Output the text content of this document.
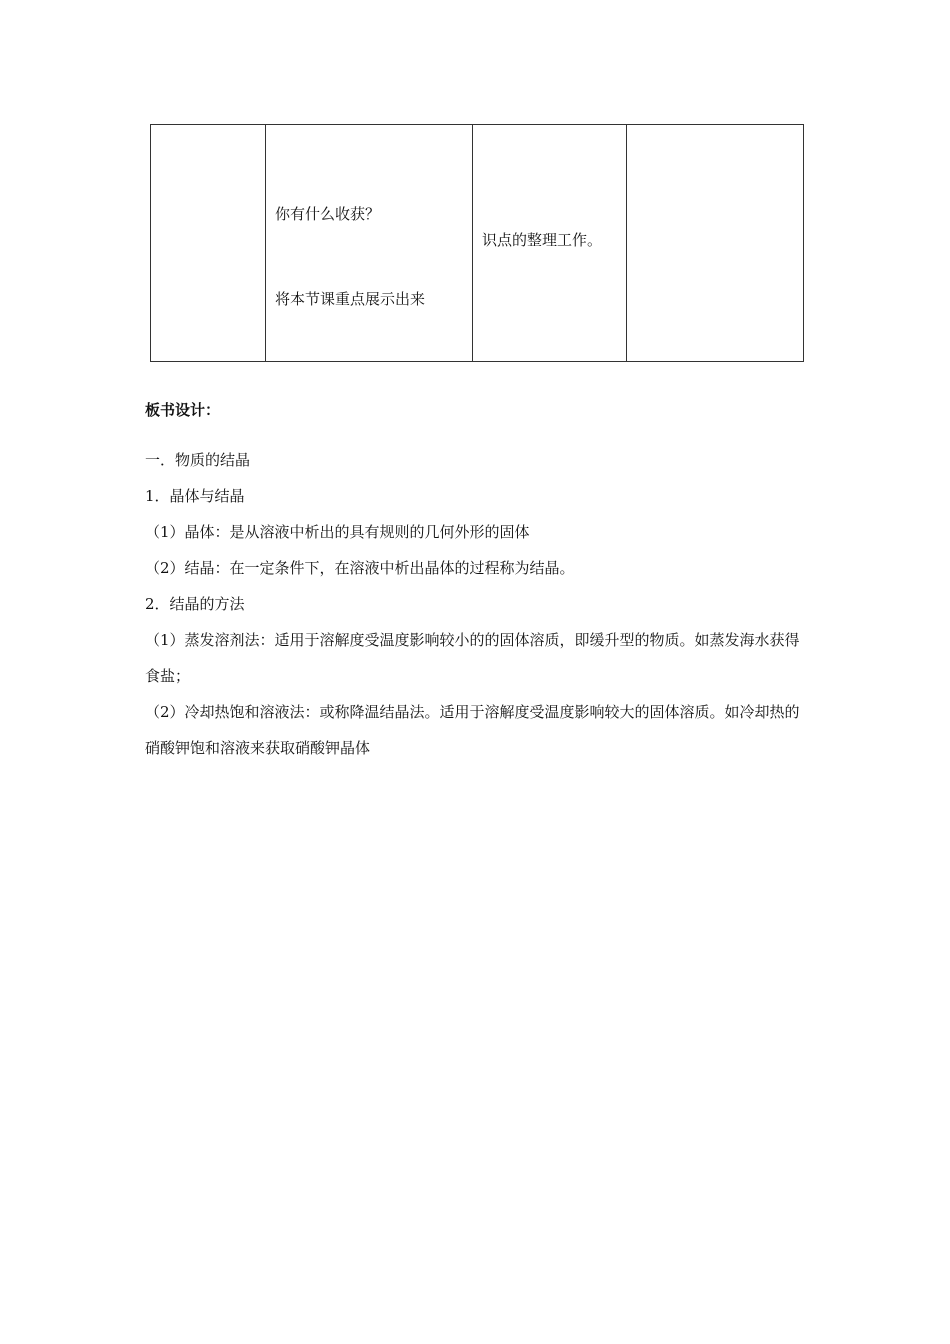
你有什么收获？
将本节课重点展示出来

识点的整理工作。

板书设计：

一．物质的结晶
1．晶体与结晶
（1）晶体：是从溶液中析出的具有规则的几何外形的固体
（2）结晶：在一定条件下，在溶液中析出晶体的过程称为结晶。
2．结晶的方法
（1）蒸发溶剂法：适用于溶解度受温度影响较小的的固体溶质，即缓升型的物质。如蒸发海水获得食盐；
（2）冷却热饱和溶液法：或称降温结晶法。适用于溶解度受温度影响较大的固体溶质。如冷却热的硝酸钾饱和溶液来获取硝酸钾晶体
